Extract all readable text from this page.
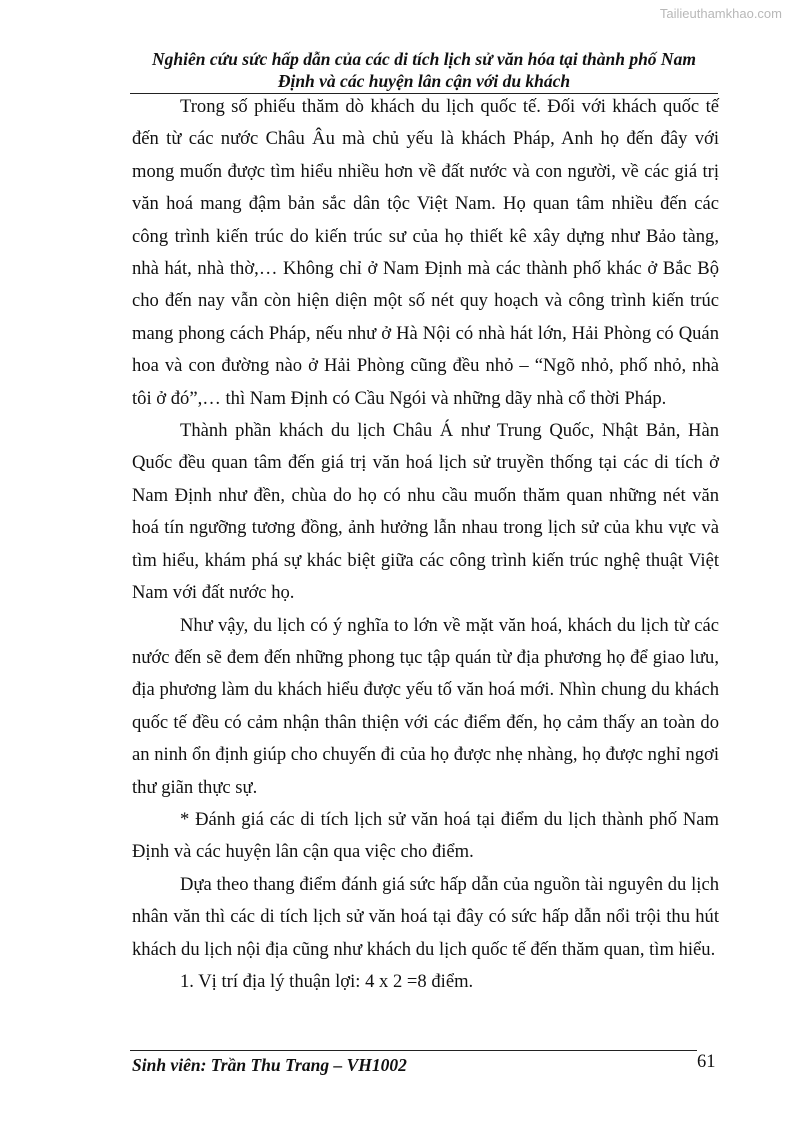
Tailieuthamkhao.com
Nghiên cứu sức hấp dẫn của các di tích lịch sử văn hóa tại thành phố Nam
Định và các huyện lân cận với du khách

Trong số phiếu thăm dò khách du lịch quốc tế. Đối với khách quốc tế đến từ các nước Châu Âu mà chủ yếu là khách Pháp, Anh họ đến đây với mong muốn được tìm hiểu nhiều hơn về đất nước và con người, về các giá trị văn hoá mang đậm bản sắc dân tộc Việt Nam. Họ quan tâm nhiều đến các công trình kiến trúc do kiến trúc sư của họ thiết kê xây dựng như Bảo tàng, nhà hát, nhà thờ,… Không chỉ ở Nam Định mà các thành phố khác ở Bắc Bộ cho đến nay vẫn còn hiện diện một số nét quy hoạch và công trình kiến trúc mang phong cách Pháp, nếu như ở Hà Nội có nhà hát lớn, Hải Phòng có Quán hoa và con đường nào ở Hải Phòng cũng đều nhỏ – “Ngõ nhỏ, phố nhỏ, nhà tôi ở đó”,… thì Nam Định có Cầu Ngói và những dãy nhà cổ thời Pháp.

Thành phần khách du lịch Châu Á như Trung Quốc, Nhật Bản, Hàn Quốc đều quan tâm đến giá trị văn hoá lịch sử truyền thống tại các di tích ở Nam Định như đền, chùa do họ có nhu cầu muốn thăm quan những nét văn hoá tín ngưỡng tương đồng, ảnh hưởng lẫn nhau trong lịch sử của khu vực và tìm hiểu, khám phá sự khác biệt giữa các công trình kiến trúc nghệ thuật Việt Nam với đất nước họ.

Như vậy, du lịch có ý nghĩa to lớn về mặt văn hoá, khách du lịch từ các nước đến sẽ đem đến những phong tục tập quán từ địa phương họ để giao lưu, địa phương làm du khách hiểu được yếu tố văn hoá mới. Nhìn chung du khách quốc tế đều có cảm nhận thân thiện với các điểm đến, họ cảm thấy an toàn do an ninh ổn định giúp cho chuyến đi của họ được nhẹ nhàng, họ được nghỉ ngơi thư giãn thực sự.

* Đánh giá các di tích lịch sử văn hoá tại điểm du lịch thành phố Nam Định và các huyện lân cận qua việc cho điểm.

Dựa theo thang điểm đánh giá sức hấp dẫn của nguồn tài nguyên du lịch nhân văn thì các di tích lịch sử văn hoá tại đây có sức hấp dẫn nổi trội thu hút khách du lịch nội địa cũng như khách du lịch quốc tế đến thăm quan, tìm hiểu.

1. Vị trí địa lý thuận lợi: 4 x 2 =8 điểm.

Sinh viên: Trần Thu Trang – VH1002	61
